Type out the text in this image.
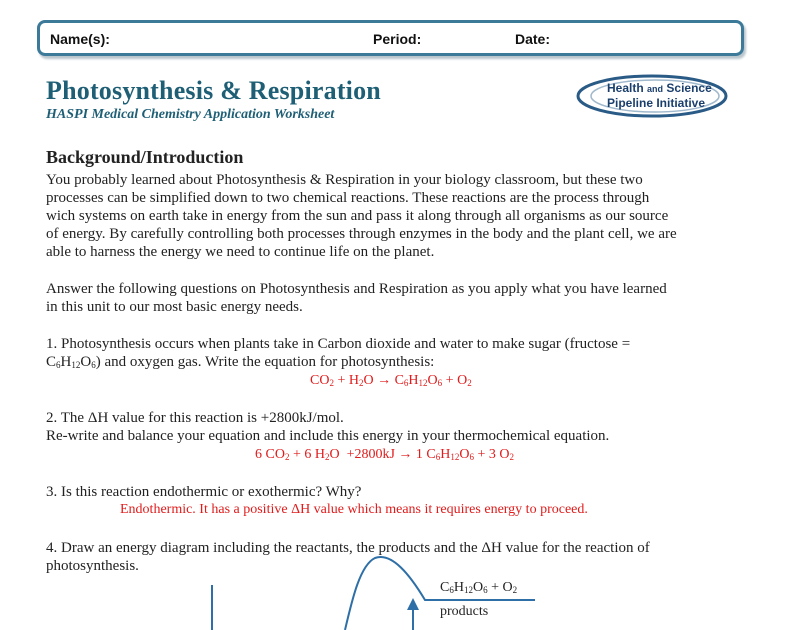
Name(s):	Period:	Date:
Photosynthesis & Respiration
HASPI Medical Chemistry Application Worksheet
Health and Science
Pipeline Initiative
Background/Introduction
You probably learned about Photosynthesis & Respiration in your biology classroom, but these two
processes can be simplified down to two chemical reactions. These reactions are the process through
wich systems on earth take in energy from the sun and pass it along through all organisms as our source
of energy. By carefully controlling both processes through enzymes in the body and the plant cell, we are
able to harness the energy we need to continue life on the planet.
Answer the following questions on Photosynthesis and Respiration as you apply what you have learned
in this unit to our most basic energy needs.
1. Photosynthesis occurs when plants take in Carbon dioxide and water to make sugar (fructose =
$C_6H_{12}O_6$) and oxygen gas. Write the equation for photosynthesis:
$CO_2 + H_2O \to C_6H_{12}O_6 + O_2$
2. The ΔH value for this reaction is +2800kJ/mol.
Re-write and balance your equation and include this energy in your thermochemical equation.
6 $CO_2 + 6$ $H_2O +2800kJ \to 1$ $C_6H_{12}O_6 + 3$ $O_2$
3. Is this reaction endothermic or exothermic? Why?
Endothermic. It has a positive ΔH value which means it requires energy to proceed.
4. Draw an energy diagram including the reactants, the products and the ΔH value for the reaction of
photosynthesis.
$C_6H_{12}O_6 + O_2$
products
